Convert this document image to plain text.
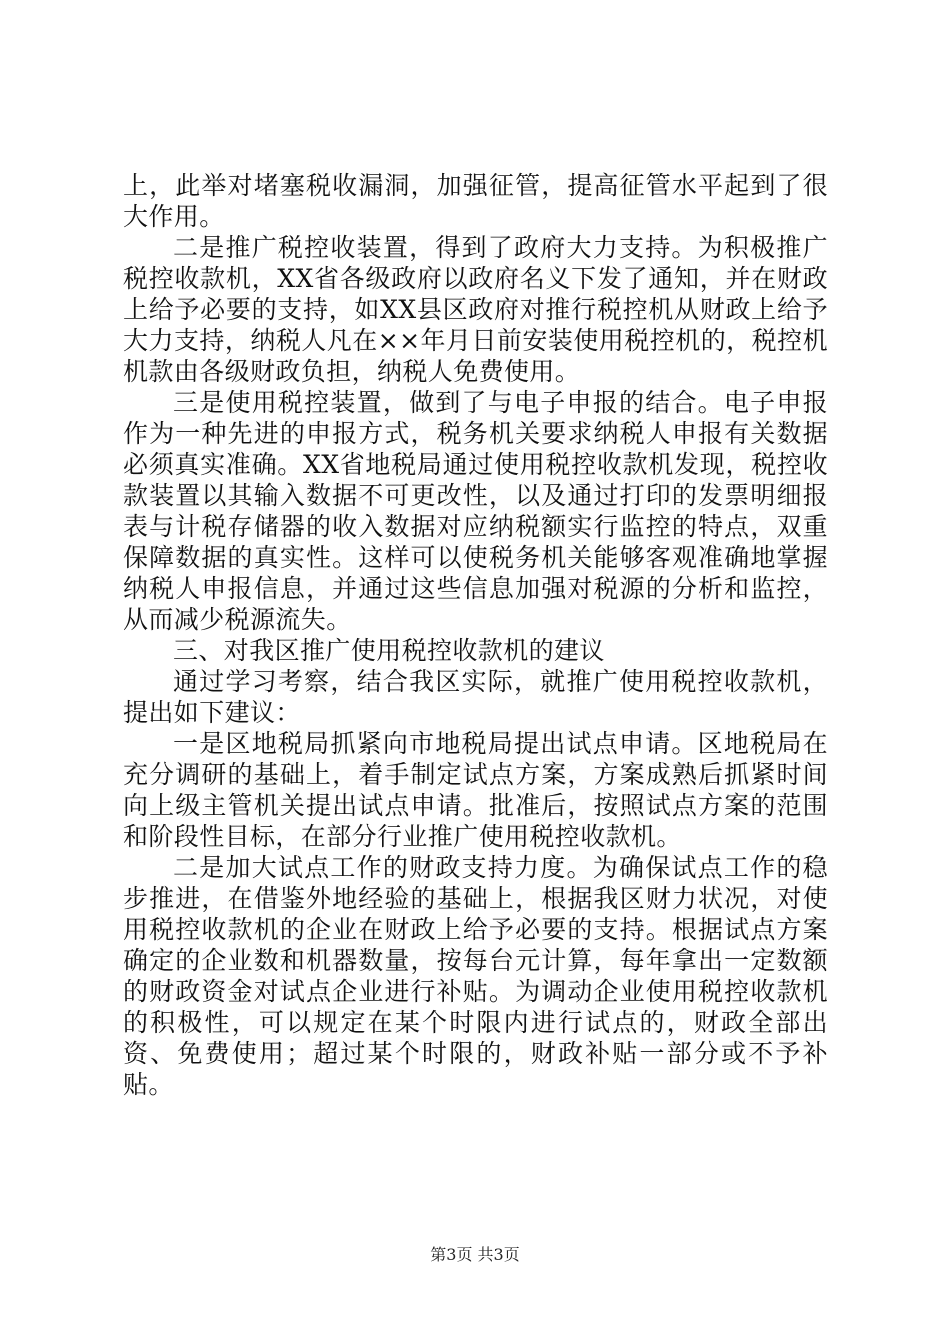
上，此举对堵塞税收漏洞，加强征管，提高征管水平起到了很大作用。

二是推广税控收装置，得到了政府大力支持。为积极推广税控收款机，XX省各级政府以政府名义下发了通知，并在财政上给予必要的支持，如XX县区政府对推行税控机从财政上给予大力支持，纳税人凡在××年月日前安装使用税控机的，税控机机款由各级财政负担，纳税人免费使用。

三是使用税控装置，做到了与电子申报的结合。电子申报作为一种先进的申报方式，税务机关要求纳税人申报有关数据必须真实准确。XX省地税局通过使用税控收款机发现，税控收款装置以其输入数据不可更改性，以及通过打印的发票明细报表与计税存储器的收入数据对应纳税额实行监控的特点，双重保障数据的真实性。这样可以使税务机关能够客观准确地掌握纳税人申报信息，并通过这些信息加强对税源的分析和监控，从而减少税源流失。

三、对我区推广使用税控收款机的建议

通过学习考察，结合我区实际，就推广使用税控收款机，提出如下建议：

一是区地税局抓紧向市地税局提出试点申请。区地税局在充分调研的基础上，着手制定试点方案，方案成熟后抓紧时间向上级主管机关提出试点申请。批准后，按照试点方案的范围和阶段性目标，在部分行业推广使用税控收款机。

二是加大试点工作的财政支持力度。为确保试点工作的稳步推进，在借鉴外地经验的基础上，根据我区财力状况，对使用税控收款机的企业在财政上给予必要的支持。根据试点方案确定的企业数和机器数量，按每台元计算，每年拿出一定数额的财政资金对试点企业进行补贴。为调动企业使用税控收款机的积极性，可以规定在某个时限内进行试点的，财政全部出资、免费使用；超过某个时限的，财政补贴一部分或不予补贴。

第3页 共3页
